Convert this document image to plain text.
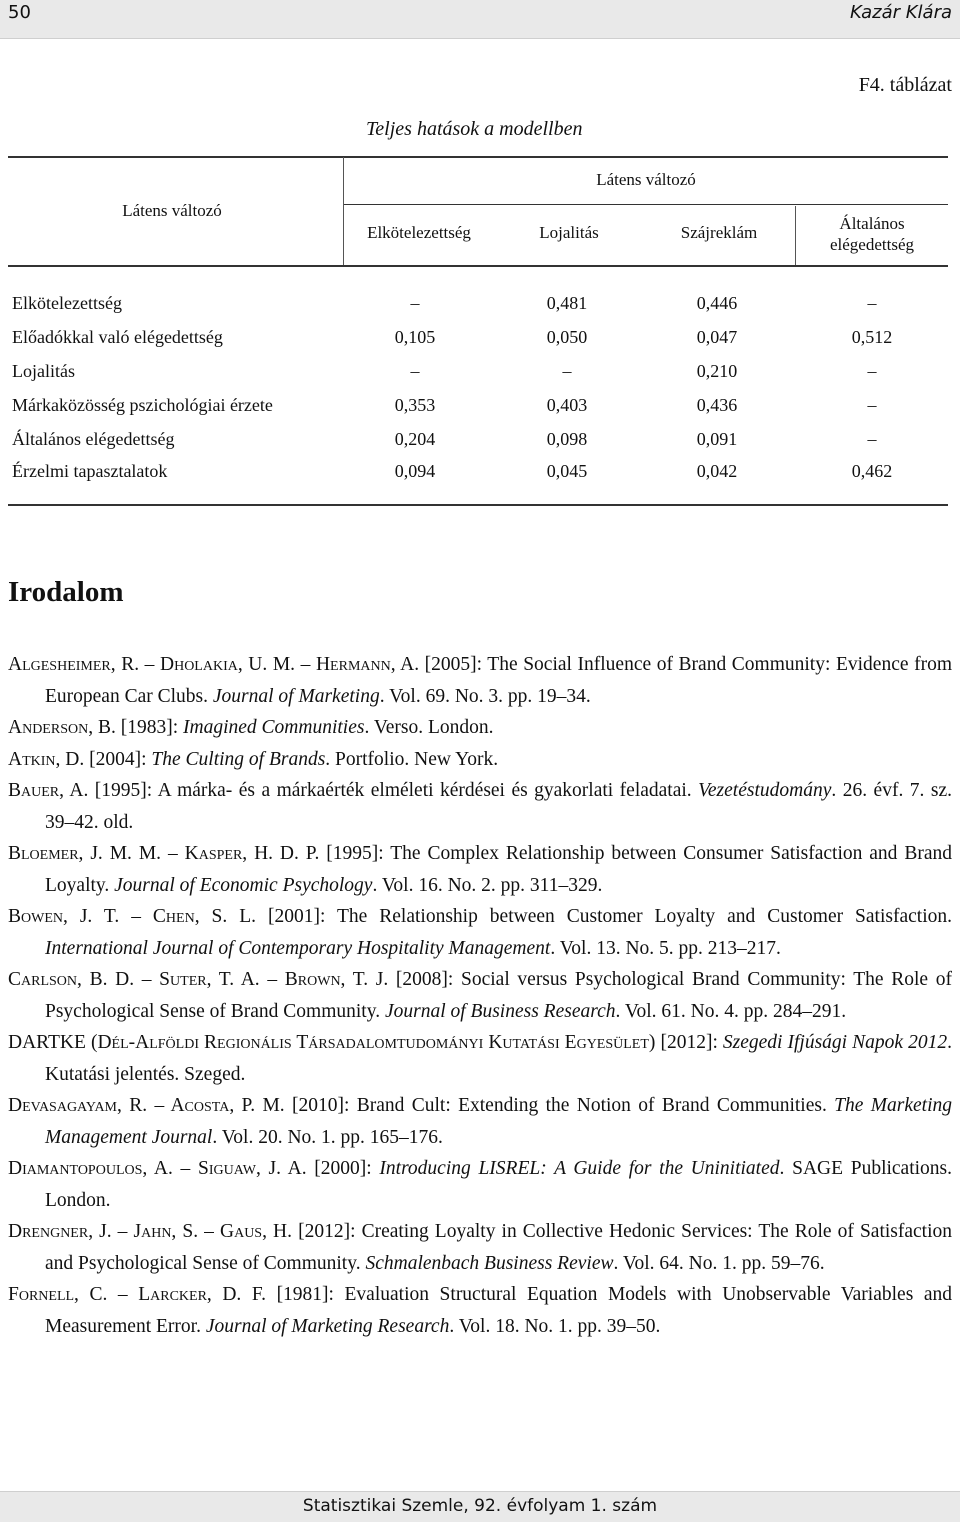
50	Kazár Klára
F4. táblázat
Teljes hatások a modellben
Látens változó
Látens változó
Elkötelezettség	Lojalitás	Szájreklám	Általános elégedettség
Elkötelezettség	–	0,481	0,446	–
Előadókkal való elégedettség	0,105	0,050	0,047	0,512
Lojalitás	–	–	0,210	–
Márkaközösség pszichológiai érzete	0,353	0,403	0,436	–
Általános elégedettség	0,204	0,098	0,091	–
Érzelmi tapasztalatok	0,094	0,045	0,042	0,462
Irodalom
Algesheimer, R. – Dholakia, U. M. – Hermann, A. [2005]: The Social Influence of Brand Community: Evidence from European Car Clubs. Journal of Marketing. Vol. 69. No. 3. pp. 19–34.
Anderson, B. [1983]: Imagined Communities. Verso. London.
Atkin, D. [2004]: The Culting of Brands. Portfolio. New York.
Bauer, A. [1995]: A márka- és a márkaérték elméleti kérdései és gyakorlati feladatai. Vezetéstudomány. 26. évf. 7. sz. 39–42. old.
Bloemer, J. M. M. – Kasper, H. D. P. [1995]: The Complex Relationship between Consumer Satisfaction and Brand Loyalty. Journal of Economic Psychology. Vol. 16. No. 2. pp. 311–329.
Bowen, J. T. – Chen, S. L. [2001]: The Relationship between Customer Loyalty and Customer Satisfaction. International Journal of Contemporary Hospitality Management. Vol. 13. No. 5. pp. 213–217.
Carlson, B. D. – Suter, T. A. – Brown, T. J. [2008]: Social versus Psychological Brand Community: The Role of Psychological Sense of Brand Community. Journal of Business Research. Vol. 61. No. 4. pp. 284–291.
DARTKE (Dél-Alföldi Regionális Társadalomtudományi Kutatási Egyesület) [2012]: Szegedi Ifjúsági Napok 2012. Kutatási jelentés. Szeged.
Devasagayam, R. – Acosta, P. M. [2010]: Brand Cult: Extending the Notion of Brand Communities. The Marketing Management Journal. Vol. 20. No. 1. pp. 165–176.
Diamantopoulos, A. – Siguaw, J. A. [2000]: Introducing LISREL: A Guide for the Uninitiated. SAGE Publications. London.
Drengner, J. – Jahn, S. – Gaus, H. [2012]: Creating Loyalty in Collective Hedonic Services: The Role of Satisfaction and Psychological Sense of Community. Schmalenbach Business Review. Vol. 64. No. 1. pp. 59–76.
Fornell, C. – Larcker, D. F. [1981]: Evaluation Structural Equation Models with Unobservable Variables and Measurement Error. Journal of Marketing Research. Vol. 18. No. 1. pp. 39–50.
Statisztikai Szemle, 92. évfolyam 1. szám
